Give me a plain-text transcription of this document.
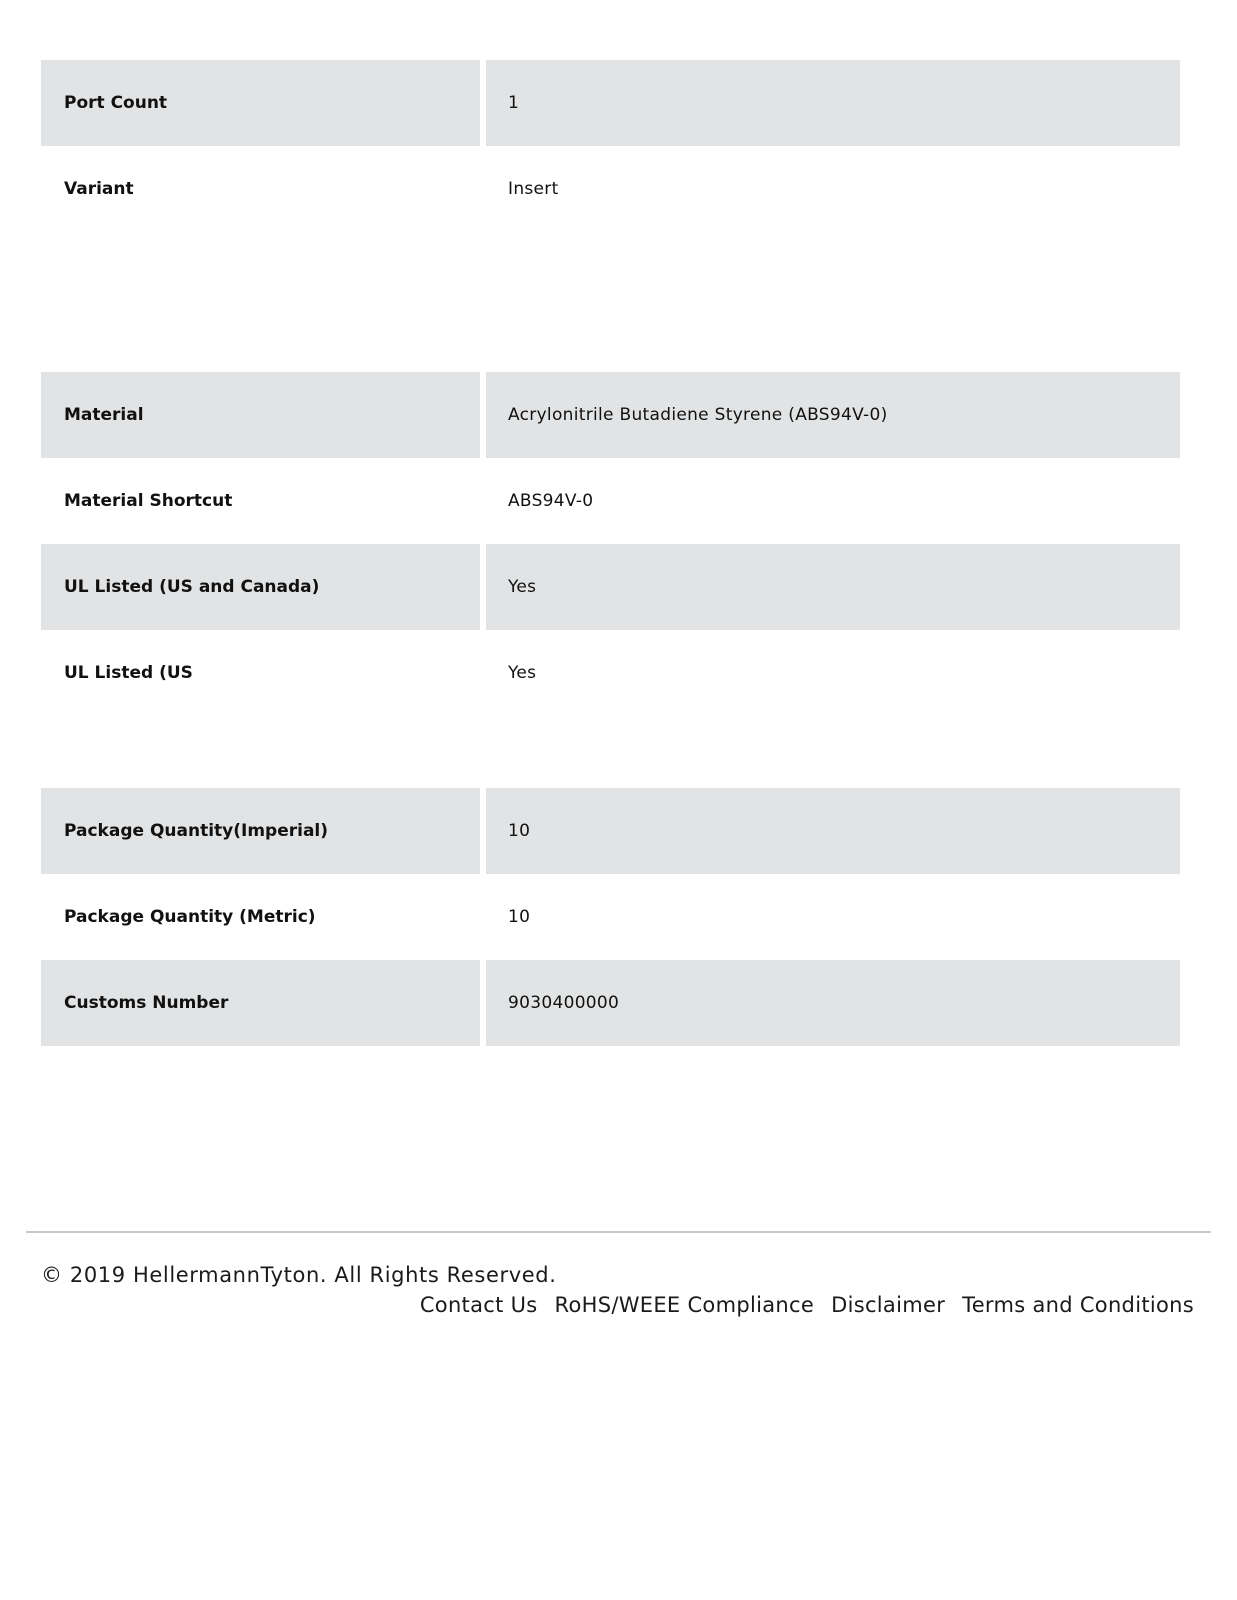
Port Count	1
Variant	Insert
Material	Acrylonitrile Butadiene Styrene (ABS94V-0)
Material Shortcut	ABS94V-0
UL Listed (US and Canada)	Yes
UL Listed (US	Yes
Package Quantity(Imperial)	10
Package Quantity (Metric)	10
Customs Number	9030400000
© 2019 HellermannTyton. All Rights Reserved.
Contact Us RoHS/WEEE Compliance Disclaimer Terms and Conditions
